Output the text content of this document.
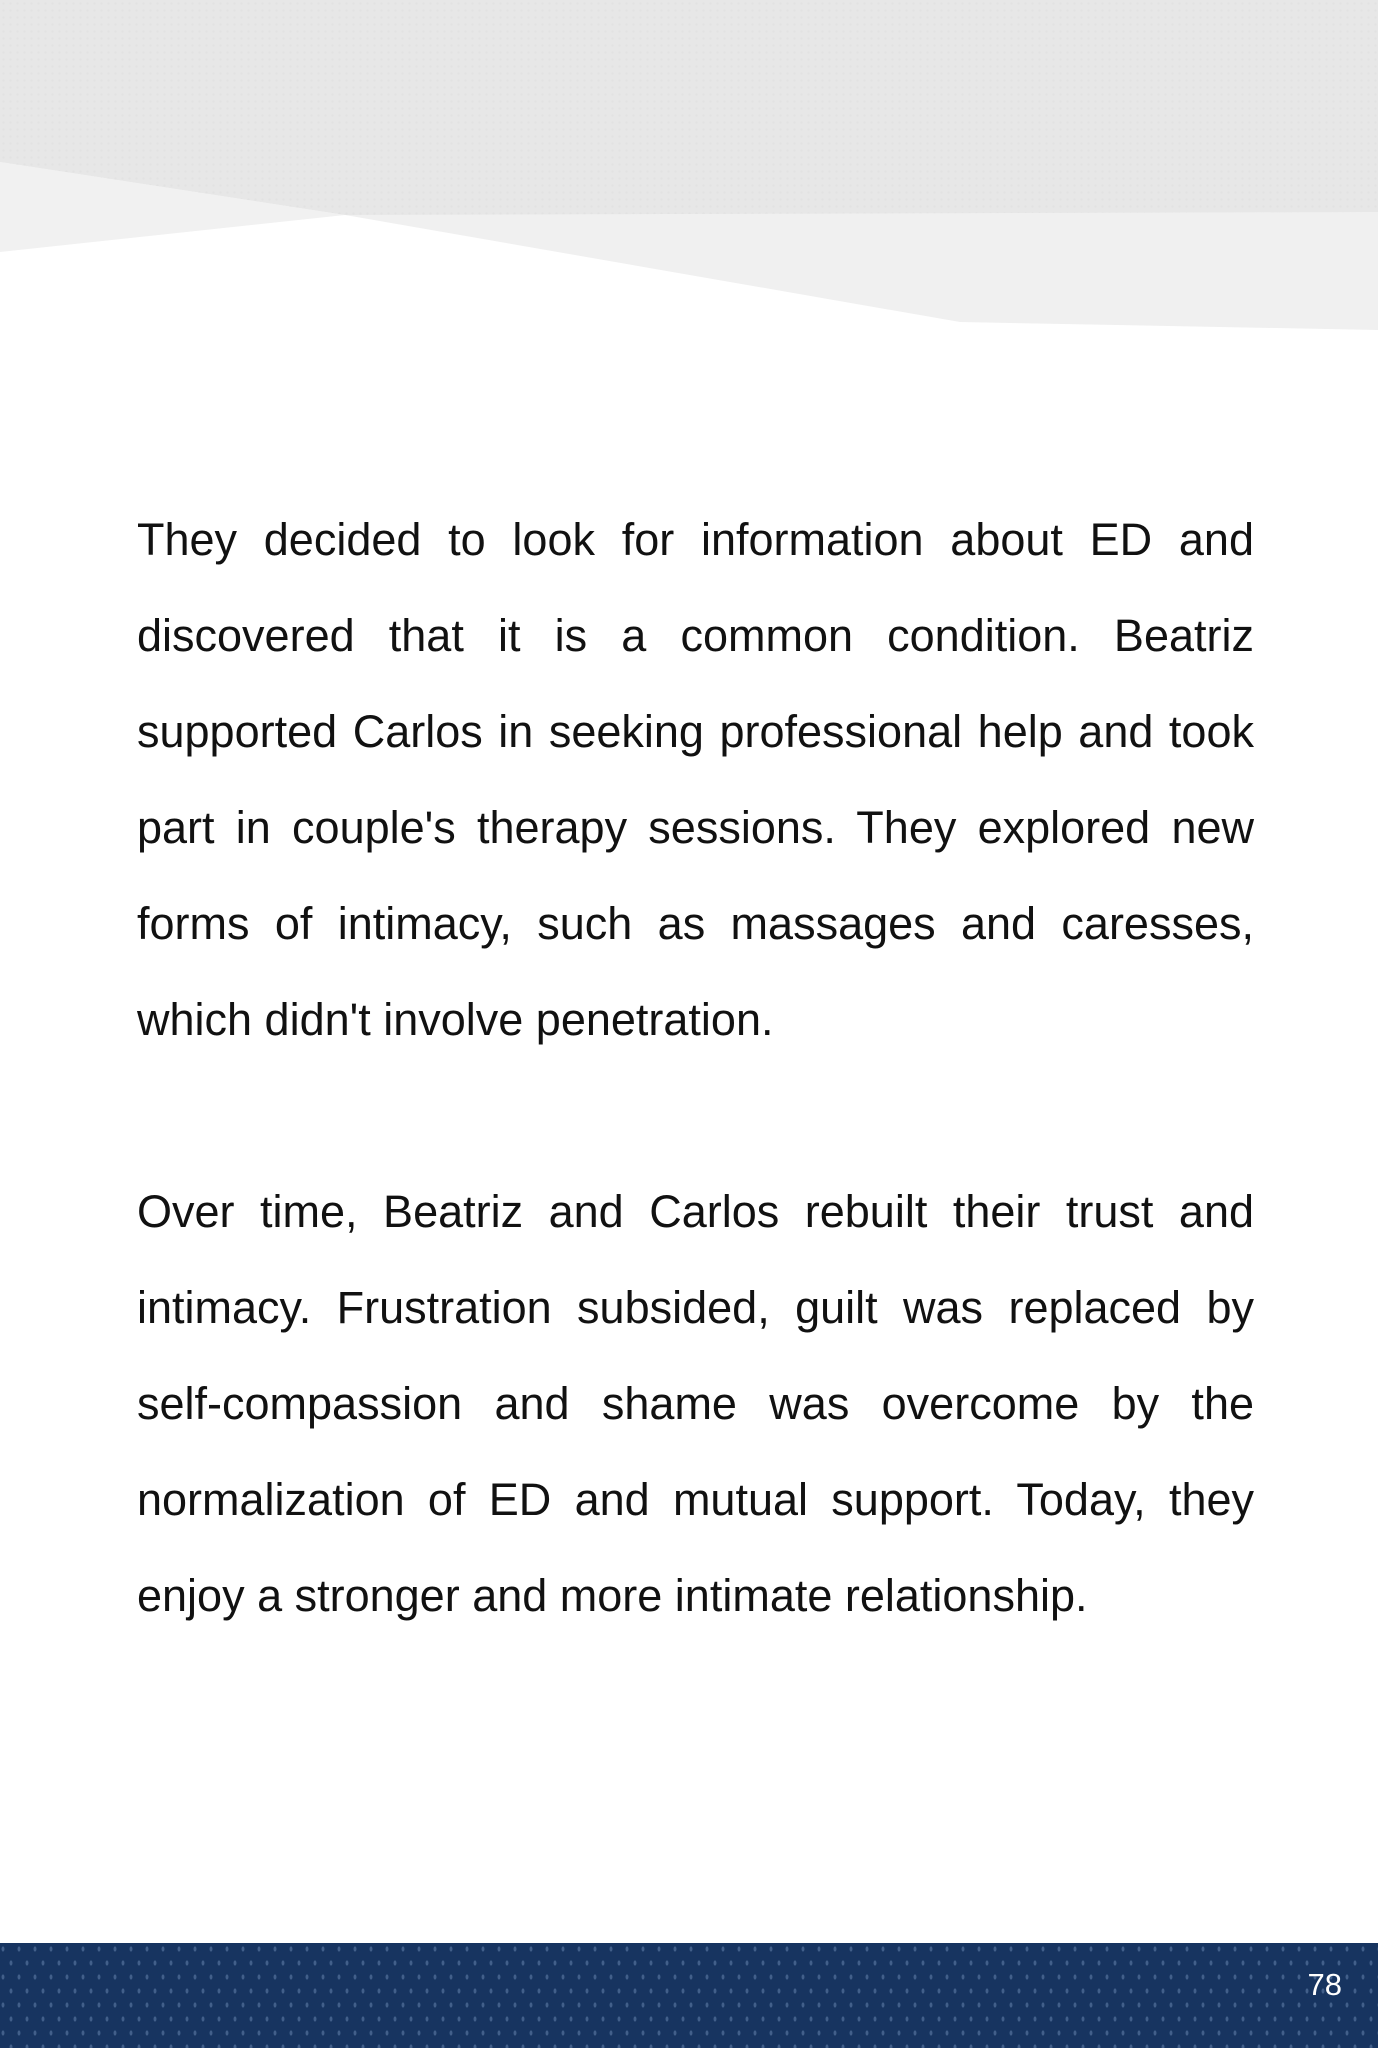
They decided to look for information about ED and discovered that it is a common condition. Beatriz supported Carlos in seeking professional help and took part in couple's therapy sessions. They explored new forms of intimacy, such as massages and caresses, which didn't involve penetration.

Over time, Beatriz and Carlos rebuilt their trust and intimacy. Frustration subsided, guilt was replaced by self-compassion and shame was overcome by the normalization of ED and mutual support. Today, they enjoy a stronger and more intimate relationship.

78
